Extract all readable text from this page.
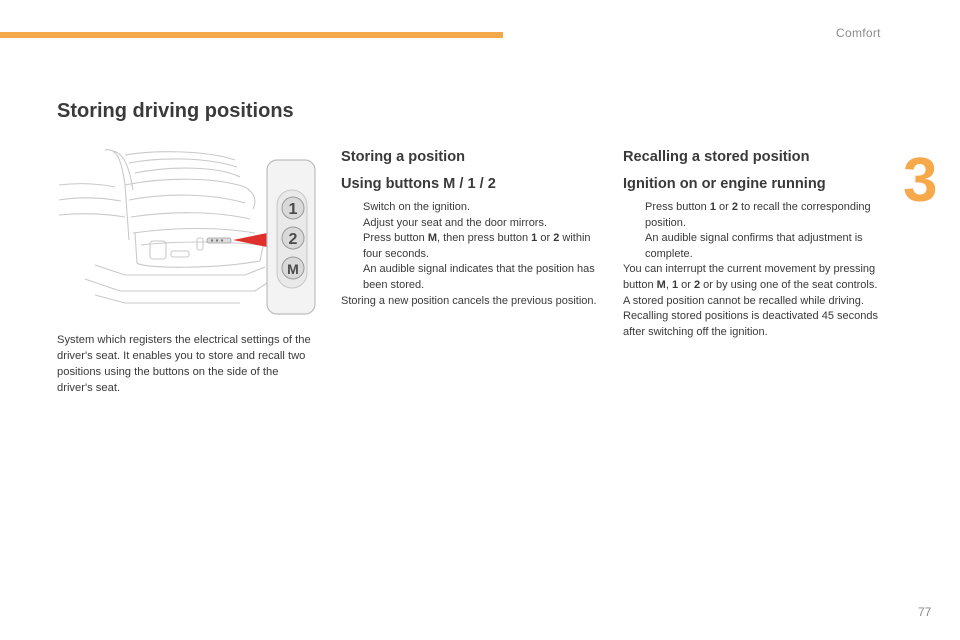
Comfort
3
Storing driving positions
1
2
M
System which registers the electrical settings of the driver's seat. It enables you to store and recall two positions using the buttons on the side of the driver's seat.
Storing a position
Using buttons M / 1 / 2
Switch on the ignition.
Adjust your seat and the door mirrors.
Press button M, then press button 1 or 2 within four seconds.
An audible signal indicates that the position has been stored.
Storing a new position cancels the previous position.
Recalling a stored position
Ignition on or engine running
Press button 1 or 2 to recall the corresponding position.
An audible signal confirms that adjustment is complete.
You can interrupt the current movement by pressing button M, 1 or 2 or by using one of the seat controls.
A stored position cannot be recalled while driving.
Recalling stored positions is deactivated 45 seconds after switching off the ignition.
77
